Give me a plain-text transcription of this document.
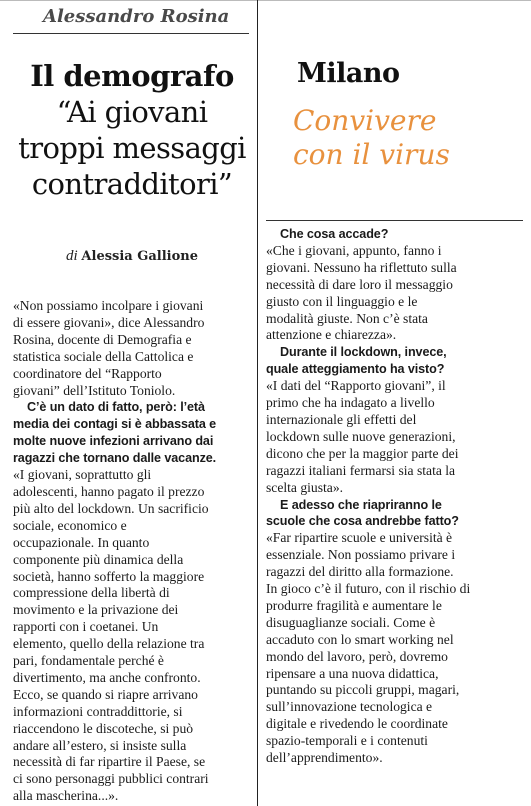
Alessandro Rosina
Il demografo
“Ai giovani
troppi messaggi
contradditori”
di Alessia Gallione
«Non possiamo incolpare i giovani
di essere giovani», dice Alessandro
Rosina, docente di Demografia e
statistica sociale della Cattolica e
coordinatore del “Rapporto
giovani” dell’Istituto Toniolo.
C’è un dato di fatto, però: l’età
media dei contagi si è abbassata e
molte nuove infezioni arrivano dai
ragazzi che tornano dalle vacanze.
«I giovani, soprattutto gli
adolescenti, hanno pagato il prezzo
più alto del lockdown. Un sacrificio
sociale, economico e
occupazionale. In quanto
componente più dinamica della
società, hanno sofferto la maggiore
compressione della libertà di
movimento e la privazione dei
rapporti con i coetanei. Un
elemento, quello della relazione tra
pari, fondamentale perché è
divertimento, ma anche confronto.
Ecco, se quando si riapre arrivano
informazioni contraddittorie, si
riaccendono le discoteche, si può
andare all’estero, si insiste sulla
necessità di far ripartire il Paese, se
ci sono personaggi pubblici contrari
alla mascherina...».
Milano
Convivere
con il virus
Che cosa accade?
«Che i giovani, appunto, fanno i
giovani. Nessuno ha riflettuto sulla
necessità di dare loro il messaggio
giusto con il linguaggio e le
modalità giuste. Non c’è stata
attenzione e chiarezza».
Durante il lockdown, invece,
quale atteggiamento ha visto?
«I dati del “Rapporto giovani”, il
primo che ha indagato a livello
internazionale gli effetti del
lockdown sulle nuove generazioni,
dicono che per la maggior parte dei
ragazzi italiani fermarsi sia stata la
scelta giusta».
E adesso che riapriranno le
scuole che cosa andrebbe fatto?
«Far ripartire scuole e università è
essenziale. Non possiamo privare i
ragazzi del diritto alla formazione.
In gioco c’è il futuro, con il rischio di
produrre fragilità e aumentare le
disuguaglianze sociali. Come è
accaduto con lo smart working nel
mondo del lavoro, però, dovremo
ripensare a una nuova didattica,
puntando su piccoli gruppi, magari,
sull’innovazione tecnologica e
digitale e rivedendo le coordinate
spazio-temporali e i contenuti
dell’apprendimento».
